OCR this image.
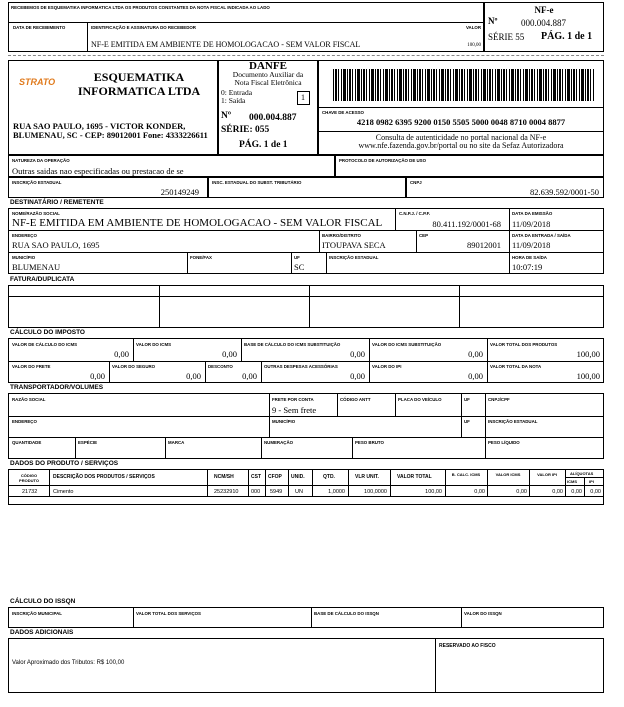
RECEBEMOS DE ESQUEMATIKA INFORMATICA LTDA OS PRODUTOS CONSTANTES DA NOTA FISCAL INDICADA AO LADO
DATA DE RECEBIMENTO	IDENTIFICAÇÃO E ASSINATURA DO RECEBEDOR	VALOR
NF-E EMITIDA EM AMBIENTE DE HOMOLOGACAO - SEM VALOR FISCAL	100,00
NF-e
Nº	000.004.887
SÉRIE 55 PÁG. 1 de 1
STRATO	ESQUEMATIKA
INFORMATICA LTDA
RUA SAO PAULO, 1695 - VICTOR KONDER,
BLUMENAU, SC - CEP: 89012001 Fone: 4333226611
DANFE
Documento Auxiliar da
Nota Fiscal Eletrônica
0: Entrada
1: Saída	1
Nº 000.004.887
SÉRIE: 055
PÁG. 1 de 1
CHAVE DE ACESSO
4218 0982 6395 9200 0150 5505 5000 0048 8710 0004 8877
Consulta de autenticidade no portal nacional da NF-e
www.nfe.fazenda.gov.br/portal ou no site da Sefaz Autorizadora
NATUREZA DA OPERAÇÃO
Outras saidas nao especificadas ou prestacao de se
PROTOCOLO DE AUTORIZAÇÃO DE USO
INSCRIÇÃO ESTADUAL
250149249
INSC. ESTADUAL DO SUBST. TRIBUTÁRIO	CNPJ
82.639.592/0001-50
DESTINATÁRIO / REMETENTE
NOME/RAZÃO SOCIAL
NF-E EMITIDA EM AMBIENTE DE HOMOLOGACAO - SEM VALOR FISCAL
C.N.P.J. / C.P.F.
80.411.192/0001-68
DATA DA EMISSÃO
11/09/2018
ENDEREÇO
RUA SAO PAULO, 1695
BAIRRO/DISTRITO
ITOUPAVA SECA
CEP
89012001
DATA DA ENTRADA / SAÍDA
11/09/2018
MUNICÍPIO
BLUMENAU
FONE/FAX	UF
SC
INSCRIÇÃO ESTADUAL	HORA DE SAÍDA
10:07:19
FATURA/DUPLICATA
CÁLCULO DO IMPOSTO
VALOR DE CÁLCULO DO ICMS
0,00
VALOR DO ICMS
0,00
BASE DE CÁLCULO DO ICMS SUBSTITUIÇÃO
0,00
VALOR DO ICMS SUBSTITUIÇÃO
0,00
VALOR TOTAL DOS PRODUTOS
100,00
VALOR DO FRETE
0,00
VALOR DO SEGURO
0,00
DESCONTO
0,00
OUTRAS DESPESAS ACESSÓRIAS
0,00
VALOR DO IPI
0,00
VALOR TOTAL DA NOTA
100,00
TRANSPORTADOR/VOLUMES
RAZÃO SOCIAL	FRETE POR CONTA
9 - Sem frete
CÓDIGO ANTT	PLACA DO VEÍCULO	UF	CNPJ/CPF
ENDEREÇO	MUNICÍPIO	UF	INSCRIÇÃO ESTADUAL
QUANTIDADE	ESPÉCIE	MARCA	NUMERAÇÃO	PESO BRUTO	PESO LÍQUIDO
DADOS DO PRODUTO / SERVIÇOS
CÓDIGO PRODUTO
DESCRIÇÃO DOS PRODUTOS / SERVIÇOS	NCM/SH	CST CFOP UNID.	QTD.	VLR UNIT.	VALOR TOTAL	B. CALC. ICMS	VALOR ICMS	VALOR IPI	ALÍQUOTAS
ICMS	IPI
21732	Cimento	25232910 000 5949 UN	1,0000	100,0000	100,00	0,00	0,00	0,00 0,00 0,00
CÁLCULO DO ISSQN
INSCRIÇÃO MUNICIPAL	VALOR TOTAL DOS SERVIÇOS	BASE DE CÁLCULO DO ISSQN	VALOR DO ISSQN
DADOS ADICIONAIS
Valor Aproximado dos Tributos: R$ 100,00
RESERVADO AO FISCO
